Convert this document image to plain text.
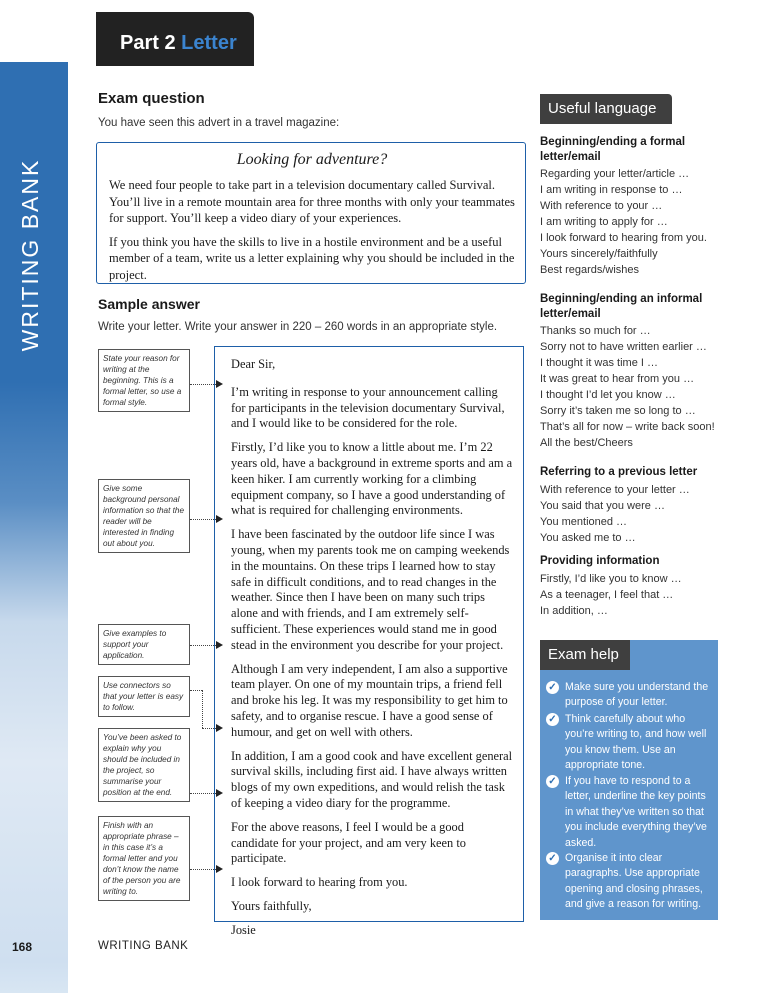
WRITING BANK
Part 2 Letter
Exam question
You have seen this advert in a travel magazine:
Looking for adventure?

We need four people to take part in a television documentary called Survival. You’ll live in a remote mountain area for three months with only your teammates for support. You’ll keep a video diary of your experiences.

If you think you have the skills to live in a hostile environment and be a useful member of a team, write us a letter explaining why you should be included in the project.

Sample answer
Write your letter. Write your answer in 220 – 260 words in an appropriate style.

Dear Sir,

I’m writing in response to your announcement calling for participants in the television documentary Survival, and I would like to be considered for the role.

Firstly, I’d like you to know a little about me. I’m 22 years old, have a background in extreme sports and am a keen hiker. I am currently working for a climbing equipment company, so I have a good understanding of what is required for challenging environments.

I have been fascinated by the outdoor life since I was young, when my parents took me on camping weekends in the mountains. On these trips I learned how to stay safe in difficult conditions, and to read changes in the weather. Since then I have been on many such trips alone and with friends, and I am extremely self-sufficient. These experiences would stand me in good stead in the environment you describe for your project.

Although I am very independent, I am also a supportive team player. On one of my mountain trips, a friend fell and broke his leg. It was my responsibility to get him to safety, and to organise rescue. I have a good sense of humour, and get on well with others.

In addition, I am a good cook and have excellent general survival skills, including first aid. I have always written blogs of my own expeditions, and would relish the task of keeping a video diary for the programme.

For the above reasons, I feel I would be a good candidate for your project, and am very keen to participate.

I look forward to hearing from you.

Yours faithfully,

Josie

State your reason for writing at the beginning. This is a formal letter, so use a formal style.
Give some background personal information so that the reader will be interested in finding out about you.
Give examples to support your application.
Use connectors so that your letter is easy to follow.
You’ve been asked to explain why you should be included in the project, so summarise your position at the end.
Finish with an appropriate phrase – in this case it’s a formal letter and you don’t know the name of the person you are writing to.
Useful language
Beginning/ending a formal letter/email
Regarding your letter/article …
I am writing in response to …
With reference to your …
I am writing to apply for …
I look forward to hearing from you.
Yours sincerely/faithfully
Best regards/wishes
Beginning/ending an informal letter/email
Thanks so much for …
Sorry not to have written earlier …
I thought it was time I …
It was great to hear from you …
I thought I’d let you know …
Sorry it’s taken me so long to …
That’s all for now – write back soon!
All the best/Cheers
Referring to a previous letter
With reference to your letter …
You said that you were …
You mentioned …
You asked me to …
Providing information
Firstly, I’d like you to know …
As a teenager, I feel that …
In addition, …
Exam help
✓ Make sure you understand the purpose of your letter.
✓ Think carefully about who you’re writing to, and how well you know them. Use an appropriate tone.
✓ If you have to respond to a letter, underline the key points in what they’ve written so that you include everything they’ve asked.
✓ Organise it into clear paragraphs. Use appropriate opening and closing phrases, and give a reason for writing.
168	WRITING BANK
